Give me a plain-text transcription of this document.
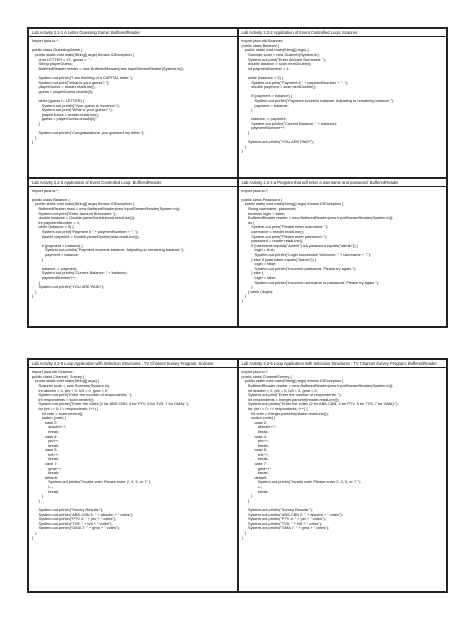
Lab Activity 2.2-1 A Letter Guessing Game: BufferedReader
import java.io.*;

public class GuessingGame {
public static void main(String[] args) throws IOException {
char LETTER = 'H', guess = ' ';
String playerGuess;
BufferedReader reader = new BufferedReader(new InputStreamReader(System.in));

System.out.println("I am thinking of a CAPITAL letter.");
System.out.print("What is your guess? ");
playerGuess = reader.readLine();
guess = playerGuess.charAt(0);

while (guess != LETTER) {
System.out.println("Your guess is incorrect.");
System.out.print("What is your guess? ");
playerGuess = reader.readLine();
guess = playerGuess.charAt(0);
}

System.out.println("Congratulations, you guessed my letter.");
}
}
Lab Activity 2.2-2 Application of Event Controlled Loop: Scanner
import java.util.Scanner;
public class Balance {
public static void main(String[] args) {
Scanner scan = new Scanner(System.in);
System.out.print("Enter Amount Borrowed: ");
double balance = scan.nextDouble();
int paymentNumber = 1;

while (balance > 0) {
System.out.print("Payment # " + paymentNumber + ": ");
double payment = scan.nextDouble();

if (payment > balance) {
System.out.println("Payment exceeds balance. Adjusting to remaining balance.");
payment = balance;
}

balance -= payment;
System.out.println("Current Balance: " + balance);
paymentNumber++;
}

System.out.println("YOU ARE PAID!");
}
}
Lab Activity 2.2-3 Application of Event Controlled Loop: BufferedReader
import java.io.*;

public class Balance {
public static void main(String[] args) throws IOException {
BufferedReader read = new BufferedReader(new InputStreamReader(System.in));
System.out.print("Enter Amount Borrowed: ");
double balance = Double.parseDouble(read.readLine());
int paymentNumber = 1;
while (balance > 0) {
System.out.print("Payment # " + paymentNumber + ": ");
double payment = Double.parseDouble(read.readLine());

if (payment > balance) {
System.out.println("Payment exceeds balance. Adjusting to remaining balance.");
payment = balance;
}

balance -= payment;
System.out.println("Current Balance: " + balance);
paymentNumber++;
}
System.out.println("YOU ARE PAID!");
}
}
Lab Activity 2.2-4 a Program that will enter a username and password: BufferedReader
import java.io.*;

public class Password {
public static void main(String[] args) throws IOException {
String username, password;
boolean login = false;
BufferedReader reader = new BufferedReader(new InputStreamReader(System.in));
do {
System.out.print("Please enter username: ");
username = reader.readLine();
System.out.print("Please enter password: ");
password = reader.readLine();
if (username.equals("Admin") && password.equals("admin")) {
login = true;
System.out.println("Login successful! Welcome, " + username + ".");
} else if (username.equals("Admin")) {
login = false;
System.out.println("Incorrect password. Please try again.");
} else {
login = false;
System.out.println("Incorrect username or password. Please try again.");
}
} while (!login);
}
}
Lab Activity 2.2-5 Loop Application with Selection Structures : TV Channel Survey Program; Scanner
import java.util.Scanner;
public class Channel_Survey {
public static void main(String[] args) {
Scanner scan = new Scanner(System.in);
int abscbn = 0, ptv = 0, tv5 = 0, gma = 0;
System.out.print("Enter the number of respondents: ");
int respondents = scan.nextInt();
System.out.println("Enter the votes (2 for ABS-CBN, 4 for PTV, 5 for TV5, 7 for GMA):");
for (int i = 0; i < respondents; i++) {
int vote = scan.nextInt();
switch (vote) {
case 2:
abscbn++;
break;
case 4:
ptv++;
break;
case 5:
tv5++;
break;
case 7:
gma++;
break;
default:
System.out.println("Invalid vote! Please enter 2, 4, 5, or 7.");
i--;
break;
}
}

System.out.println("Survey Results:");
System.out.println("ABS-CBN 2: " + abscbn + " votes");
System.out.println("PTV 4: " + ptv + " votes");
System.out.println("TV5: " + tv5 + " votes");
System.out.println("GMA 7: " + gma + " votes");
}
}
Lab Activity 2.2-6 Loop Application with Selection Structures : TV Channel Survey Program; BufferedReader
import java.io.*;
public class ChannelSurvey {
public static void main(String[] args) throws IOException {
BufferedReader reader = new BufferedReader(new InputStreamReader(System.in));
int abscbn = 0, ptv = 0, tv5 = 0, gma = 0;
System.out.print("Enter the number of respondents: ");
int respondents = Integer.parseInt(reader.readLine());
System.out.println("Enter the votes (2 for ABS-CBN, 4 for PTV, 5 for TV5, 7 for GMA):");
for (int i = 0; i < respondents; i++) {
int vote = Integer.parseInt(reader.readLine());
switch (vote) {
case 2:
abscbn++;
break;
case 4:
ptv++;
break;
case 5:
tv5++;
break;
case 7:
gma++;
break;
default:
System.out.println("Invalid vote! Please enter 2, 4, 5, or 7.");
i--;
break;
}
}

System.out.println("Survey Results:");
System.out.println("ABS-CBN 2: " + abscbn + " votes");
System.out.println("PTV 4: " + ptv + " votes");
System.out.println("TV5: " + tv5 + " votes");
System.out.println("GMA 7: " + gma + " votes");
}
}
